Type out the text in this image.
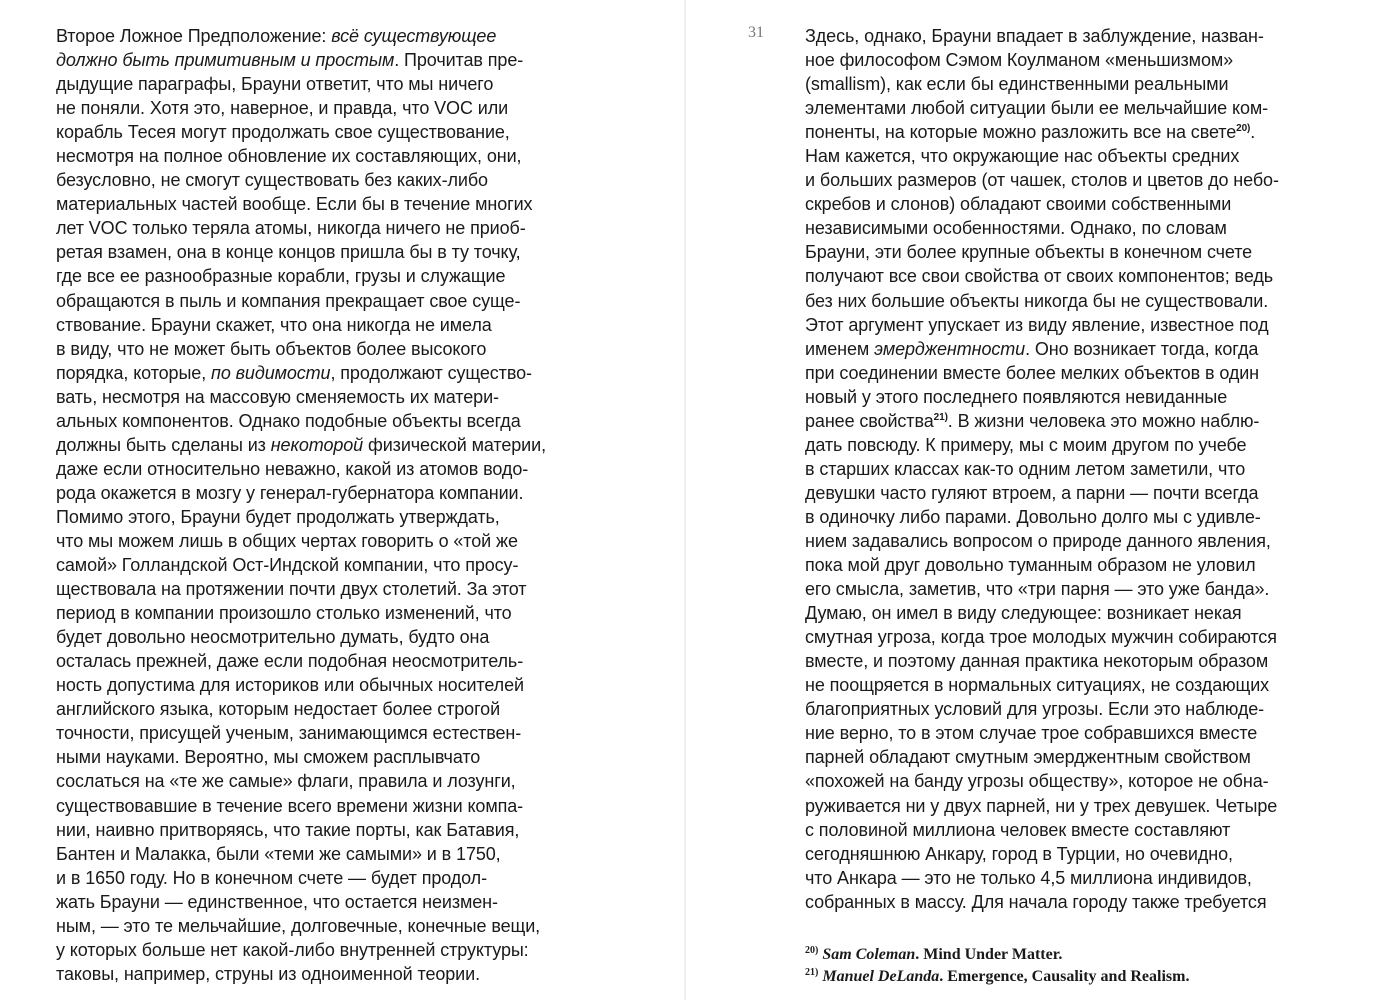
Второе Ложное Предположение: всё существующее
должно быть примитивным и простым. Прочитав пре-
дыдущие параграфы, Брауни ответит, что мы ничего
не поняли. Хотя это, наверное, и правда, что VOC или
корабль Тесея могут продолжать свое существование,
несмотря на полное обновление их составляющих, они,
безусловно, не смогут существовать без каких-либо
материальных частей вообще. Если бы в течение многих
лет VOC только теряла атомы, никогда ничего не приоб-
ретая взамен, она в конце концов пришла бы в ту точку,
где все ее разнообразные корабли, грузы и служащие
обращаются в пыль и компания прекращает свое суще-
ствование. Брауни скажет, что она никогда не имела
в виду, что не может быть объектов более высокого
порядка, которые, по видимости, продолжают существо-
вать, несмотря на массовую сменяемость их матери-
альных компонентов. Однако подобные объекты всегда
должны быть сделаны из некоторой физической материи,
даже если относительно неважно, какой из атомов водо-
рода окажется в мозгу у генерал-губернатора компании.
Помимо этого, Брауни будет продолжать утверждать,
что мы можем лишь в общих чертах говорить о «той же
самой» Голландской Ост-Индской компании, что просу-
ществовала на протяжении почти двух столетий. За этот
период в компании произошло столько изменений, что
будет довольно неосмотрительно думать, будто она
осталась прежней, даже если подобная неосмотритель-
ность допустима для историков или обычных носителей
английского языка, которым недостает более строгой
точности, присущей ученым, занимающимся естествен-
ными науками. Вероятно, мы сможем расплывчато
сослаться на «те же самые» флаги, правила и лозунги,
существовавшие в течение всего времени жизни компа-
нии, наивно притворяясь, что такие порты, как Батавия,
Бантен и Малакка, были «теми же самыми» и в 1750,
и в 1650 году. Но в конечном счете — будет продол-
жать Брауни — единственное, что остается неизмен-
ным, — это те мельчайшие, долговечные, конечные вещи,
у которых больше нет какой-либо внутренней структуры:
таковы, например, струны из одноименной теории.
31 Здесь, однако, Брауни впадает в заблуждение, назван-
ное философом Сэмом Коулманом «меньшизмом»
(smallism), как если бы единственными реальными
элементами любой ситуации были ее мельчайшие ком-
поненты, на которые можно разложить все на свете$^{20)}$.
Нам кажется, что окружающие нас объекты средних
и больших размеров (от чашек, столов и цветов до небо-
скребов и слонов) обладают своими собственными
независимыми особенностями. Однако, по словам
Брауни, эти более крупные объекты в конечном счете
получают все свои свойства от своих компонентов; ведь
без них большие объекты никогда бы не существовали.
Этот аргумент упускает из виду явление, известное под
именем эмерджентности. Оно возникает тогда, когда
при соединении вместе более мелких объектов в один
новый у этого последнего появляются невиданные
ранее свойства$^{21)}$. В жизни человека это можно наблю-
дать повсюду. К примеру, мы с моим другом по учебе
в старших классах как-то одним летом заметили, что
девушки часто гуляют втроем, а парни — почти всегда
в одиночку либо парами. Довольно долго мы с удивле-
нием задавались вопросом о природе данного явления,
пока мой друг довольно туманным образом не уловил
его смысла, заметив, что «три парня — это уже банда».
Думаю, он имел в виду следующее: возникает некая
смутная угроза, когда трое молодых мужчин собираются
вместе, и поэтому данная практика некоторым образом
не поощряется в нормальных ситуациях, не создающих
благоприятных условий для угрозы. Если это наблюде-
ние верно, то в этом случае трое собравшихся вместе
парней обладают смутным эмерджентным свойством
«похожей на банду угрозы обществу», которое не обна-
руживается ни у двух парней, ни у трех девушек. Четыре
с половиной миллиона человек вместе составляют
сегодняшнюю Анкару, город в Турции, но очевидно,
что Анкара — это не только 4,5 миллиона индивидов,
собранных в массу. Для начала городу также требуется
$^{20)}$ Sam Coleman. Mind Under Matter.
$^{21)}$ Manuel DeLanda. Emergence, Causality and Realism.
